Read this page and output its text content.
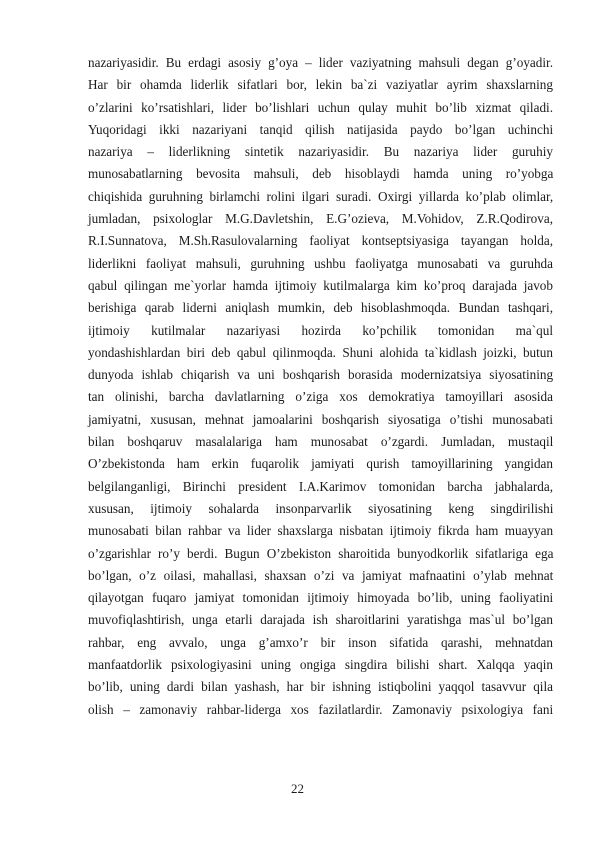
nazariyasidir. Bu erdagi asosiy g’oya – lider vaziyatning mahsuli degan g’oyadir.
Har bir ohamda liderlik sifatlari bor, lekin ba`zi vaziyatlar ayrim shaxslarning
o’zlarini ko’rsatishlari, lider bo’lishlari uchun qulay muhit bo’lib xizmat qiladi.
Yuqoridagi ikki nazariyani tanqid qilish natijasida paydo bo’lgan uchinchi
nazariya – liderlikning sintetik nazariyasidir. Bu nazariya lider guruhiy
munosabatlarning bevosita mahsuli, deb hisoblaydi hamda uning ro’yobga
chiqishida guruhning birlamchi rolini ilgari suradi. Oxirgi yillarda ko’plab olimlar,
jumladan, psixologlar M.G.Davletshin, E.G’ozieva, M.Vohidov, Z.R.Qodirova,
R.I.Sunnatova, M.Sh.Rasulovalarning faoliyat kontseptsiyasiga tayangan holda,
liderlikni faoliyat mahsuli, guruhning ushbu faoliyatga munosabati va guruhda
qabul qilingan me`yorlar hamda ijtimoiy kutilmalarga kim ko’proq darajada javob
berishiga qarab liderni aniqlash mumkin, deb hisoblashmoqda. Bundan tashqari,
ijtimoiy kutilmalar nazariyasi hozirda ko’pchilik tomonidan ma`qul
yondashishlardan biri deb qabul qilinmoqda. Shuni alohida ta`kidlash joizki, butun
dunyoda ishlab chiqarish va uni boshqarish borasida modernizatsiya siyosatining
tan olinishi, barcha davlatlarning o’ziga xos demokratiya tamoyillari asosida
jamiyatni, xususan, mehnat jamoalarini boshqarish siyosatiga o’tishi munosabati
bilan boshqaruv masalalariga ham munosabat o’zgardi. Jumladan, mustaqil
O’zbekistonda ham erkin fuqarolik jamiyati qurish tamoyillarining yangidan
belgilanganligi, Birinchi president I.A.Karimov tomonidan barcha jabhalarda,
xususan, ijtimoiy sohalarda insonparvarlik siyosatining keng singdirilishi
munosabati bilan rahbar va lider shaxslarga nisbatan ijtimoiy fikrda ham muayyan
o’zgarishlar ro’y berdi. Bugun O’zbekiston sharoitida bunyodkorlik sifatlariga ega
bo’lgan, o’z oilasi, mahallasi, shaxsan o’zi va jamiyat mafnaatini o’ylab mehnat
qilayotgan fuqaro jamiyat tomonidan ijtimoiy himoyada bo’lib, uning faoliyatini
muvofiqlashtirish, unga etarli darajada ish sharoitlarini yaratishga mas`ul bo’lgan
rahbar, eng avvalo, unga g’amxo’r bir inson sifatida qarashi, mehnatdan
manfaatdorlik psixologiyasini uning ongiga singdira bilishi shart. Xalqqa yaqin
bo’lib, uning dardi bilan yashash, har bir ishning istiqbolini yaqqol tasavvur qila
olish – zamonaviy rahbar-liderga xos fazilatlardir. Zamonaviy psixologiya fani
22
